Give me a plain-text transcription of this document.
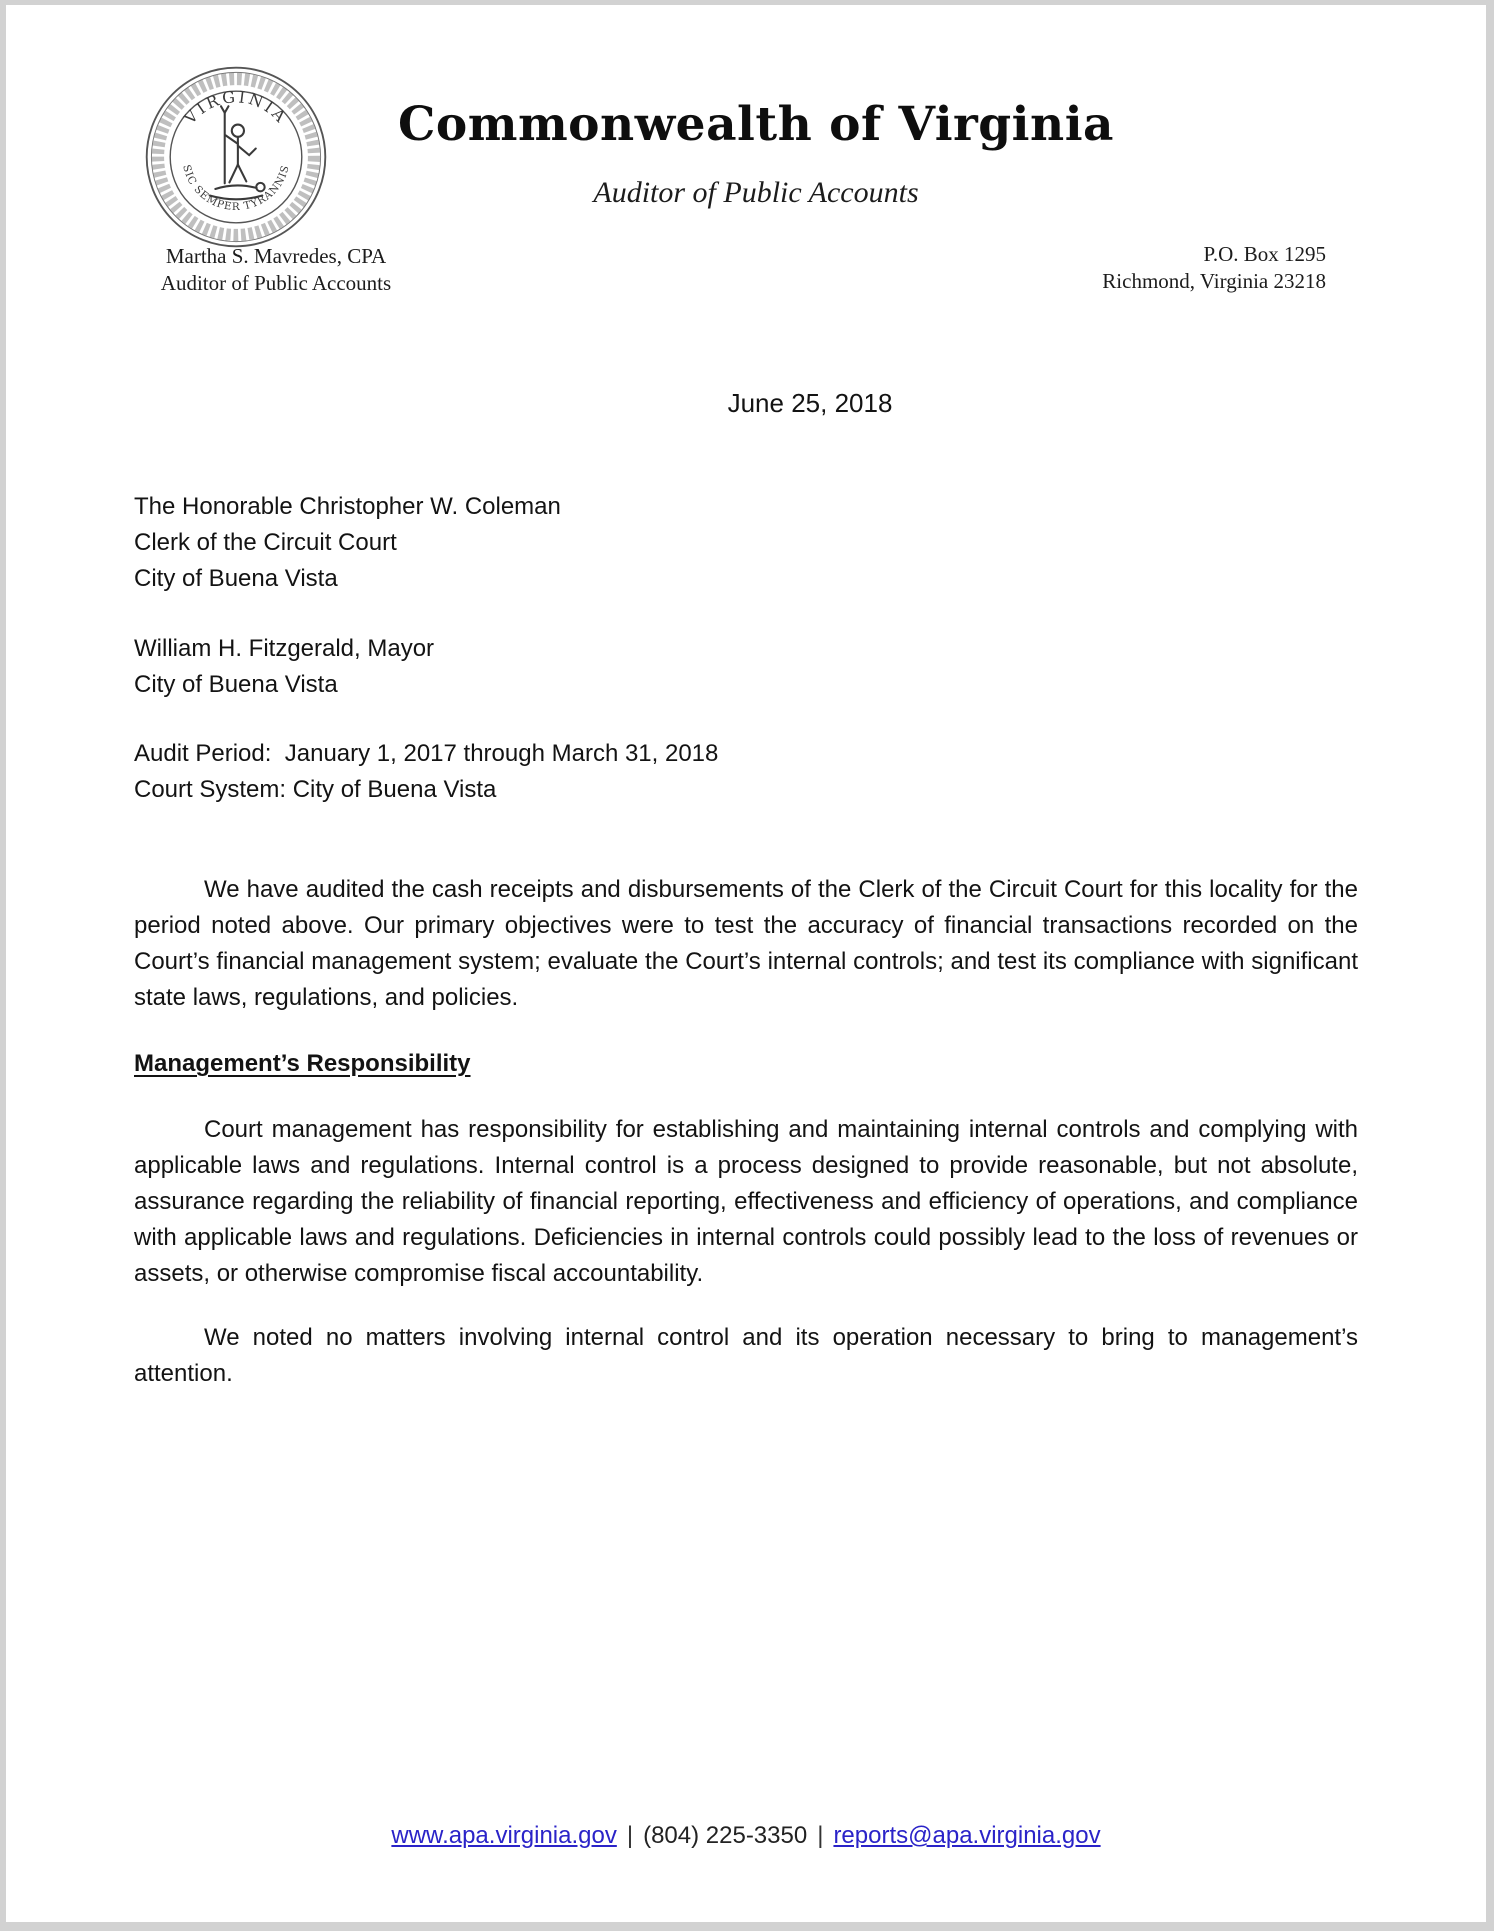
VIRGINIA
SIC SEMPER TYRANNIS
Commonwealth of Virginia
Auditor of Public Accounts
Martha S. Mavredes, CPA
Auditor of Public Accounts
P.O. Box 1295
Richmond, Virginia 23218
June 25, 2018
The Honorable Christopher W. Coleman
Clerk of the Circuit Court
City of Buena Vista
William H. Fitzgerald, Mayor
City of Buena Vista
Audit Period:  January 1, 2017 through March 31, 2018
Court System: City of Buena Vista

We have audited the cash receipts and disbursements of the Clerk of the Circuit Court for this locality for the period noted above. Our primary objectives were to test the accuracy of financial transactions recorded on the Court’s financial management system; evaluate the Court’s internal controls; and test its compliance with significant state laws, regulations, and policies.

Management’s Responsibility

Court management has responsibility for establishing and maintaining internal controls and complying with applicable laws and regulations. Internal control is a process designed to provide reasonable, but not absolute, assurance regarding the reliability of financial reporting, effectiveness and efficiency of operations, and compliance with applicable laws and regulations. Deficiencies in internal controls could possibly lead to the loss of revenues or assets, or otherwise compromise fiscal accountability.

We noted no matters involving internal control and its operation necessary to bring to management’s attention.

www.apa.virginia.gov | (804) 225-3350 | reports@apa.virginia.gov
